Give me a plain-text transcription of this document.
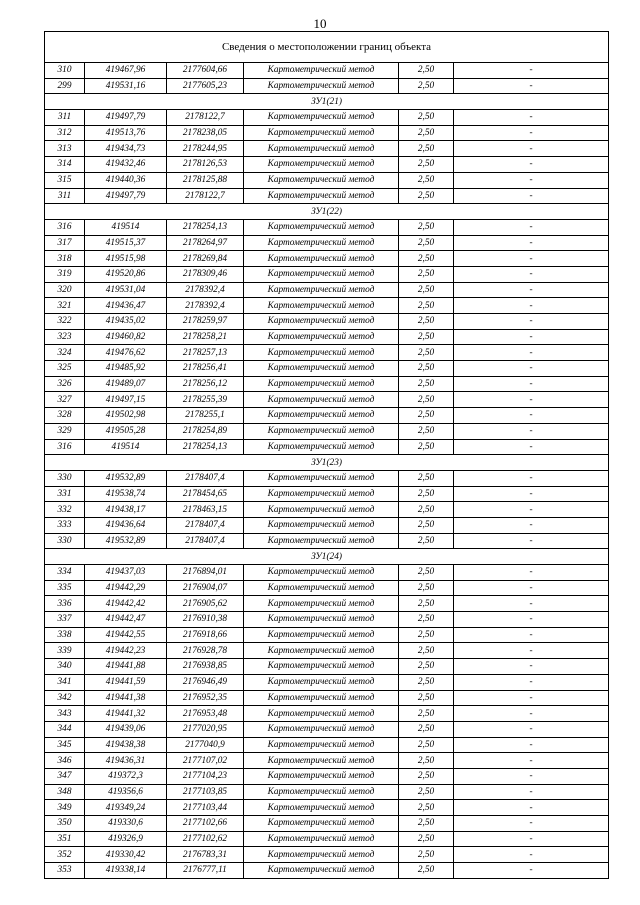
10
Сведения о местоположении границ объекта					
310	419467,96	2177604,66	Картометрический метод	2,50	-
299	419531,16	2177605,23	Картометрический метод	2,50	-
ЗУ1(21)					
311	419497,79	2178122,7	Картометрический метод	2,50	-
312	419513,76	2178238,05	Картометрический метод	2,50	-
313	419434,73	2178244,95	Картометрический метод	2,50	-
314	419432,46	2178126,53	Картометрический метод	2,50	-
315	419440,36	2178125,88	Картометрический метод	2,50	-
311	419497,79	2178122,7	Картометрический метод	2,50	-
ЗУ1(22)					
316	419514	2178254,13	Картометрический метод	2,50	-
317	419515,37	2178264,97	Картометрический метод	2,50	-
318	419515,98	2178269,84	Картометрический метод	2,50	-
319	419520,86	2178309,46	Картометрический метод	2,50	-
320	419531,04	2178392,4	Картометрический метод	2,50	-
321	419436,47	2178392,4	Картометрический метод	2,50	-
322	419435,02	2178259,97	Картометрический метод	2,50	-
323	419460,82	2178258,21	Картометрический метод	2,50	-
324	419476,62	2178257,13	Картометрический метод	2,50	-
325	419485,92	2178256,41	Картометрический метод	2,50	-
326	419489,07	2178256,12	Картометрический метод	2,50	-
327	419497,15	2178255,39	Картометрический метод	2,50	-
328	419502,98	2178255,1	Картометрический метод	2,50	-
329	419505,28	2178254,89	Картометрический метод	2,50	-
316	419514	2178254,13	Картометрический метод	2,50	-
ЗУ1(23)					
330	419532,89	2178407,4	Картометрический метод	2,50	-
331	419538,74	2178454,65	Картометрический метод	2,50	-
332	419438,17	2178463,15	Картометрический метод	2,50	-
333	419436,64	2178407,4	Картометрический метод	2,50	-
330	419532,89	2178407,4	Картометрический метод	2,50	-
ЗУ1(24)					
334	419437,03	2176894,01	Картометрический метод	2,50	-
335	419442,29	2176904,07	Картометрический метод	2,50	-
336	419442,42	2176905,62	Картометрический метод	2,50	-
337	419442,47	2176910,38	Картометрический метод	2,50	-
338	419442,55	2176918,66	Картометрический метод	2,50	-
339	419442,23	2176928,78	Картометрический метод	2,50	-
340	419441,88	2176938,85	Картометрический метод	2,50	-
341	419441,59	2176946,49	Картометрический метод	2,50	-
342	419441,38	2176952,35	Картометрический метод	2,50	-
343	419441,32	2176953,48	Картометрический метод	2,50	-
344	419439,06	2177020,95	Картометрический метод	2,50	-
345	419438,38	2177040,9	Картометрический метод	2,50	-
346	419436,31	2177107,02	Картометрический метод	2,50	-
347	419372,3	2177104,23	Картометрический метод	2,50	-
348	419356,6	2177103,85	Картометрический метод	2,50	-
349	419349,24	2177103,44	Картометрический метод	2,50	-
350	419330,6	2177102,66	Картометрический метод	2,50	-
351	419326,9	2177102,62	Картометрический метод	2,50	-
352	419330,42	2176783,31	Картометрический метод	2,50	-
353	419338,14	2176777,11	Картометрический метод	2,50	-
